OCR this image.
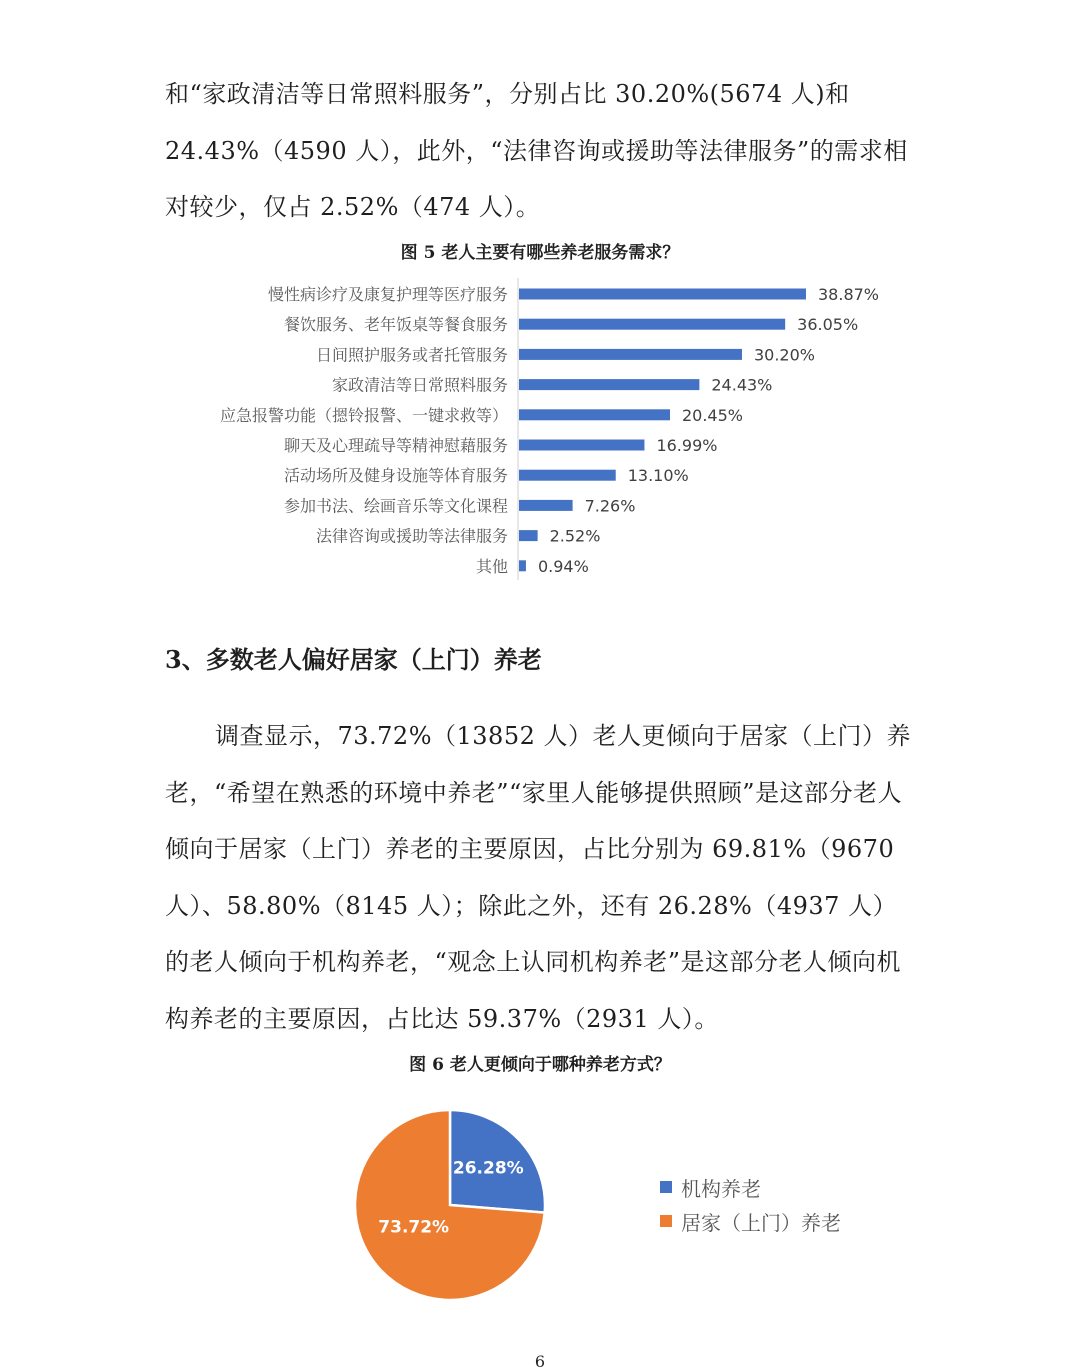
和“家政清洁等日常照料服务”，分别占比 30.20%(5674 人)和 24.43%（4590 人），此外，“法律咨询或援助等法律服务”的需求相对较少，仅占 2.52%（474 人）。

图 5 老人主要有哪些养老服务需求？
慢性病诊疗及康复护理等医疗服务	38.87%
餐饮服务、老年饭桌等餐食服务	36.05%
日间照护服务或者托管服务	30.20%
家政清洁等日常照料服务	24.43%
应急报警功能（摁铃报警、一键求救等）	20.45%
聊天及心理疏导等精神慰藉服务	16.99%
活动场所及健身设施等体育服务	13.10%
参加书法、绘画音乐等文化课程	7.26%
法律咨询或援助等法律服务	2.52%
其他 0.94%
3、多数老人偏好居家（上门）养老

调查显示，73.72%（13852 人）老人更倾向于居家（上门）养老，“希望在熟悉的环境中养老”“家里人能够提供照顾”是这部分老人倾向于居家（上门）养老的主要原因，占比分别为 69.81%（9670 人）、58.80%（8145 人）；除此之外，还有 26.28%（4937 人）的老人倾向于机构养老，“观念上认同机构养老”是这部分老人倾向机构养老的主要原因，占比达 59.37%（2931 人）。

图 6 老人更倾向于哪种养老方式？
26.28%
73.72%
机构养老
居家（上门）养老
6
